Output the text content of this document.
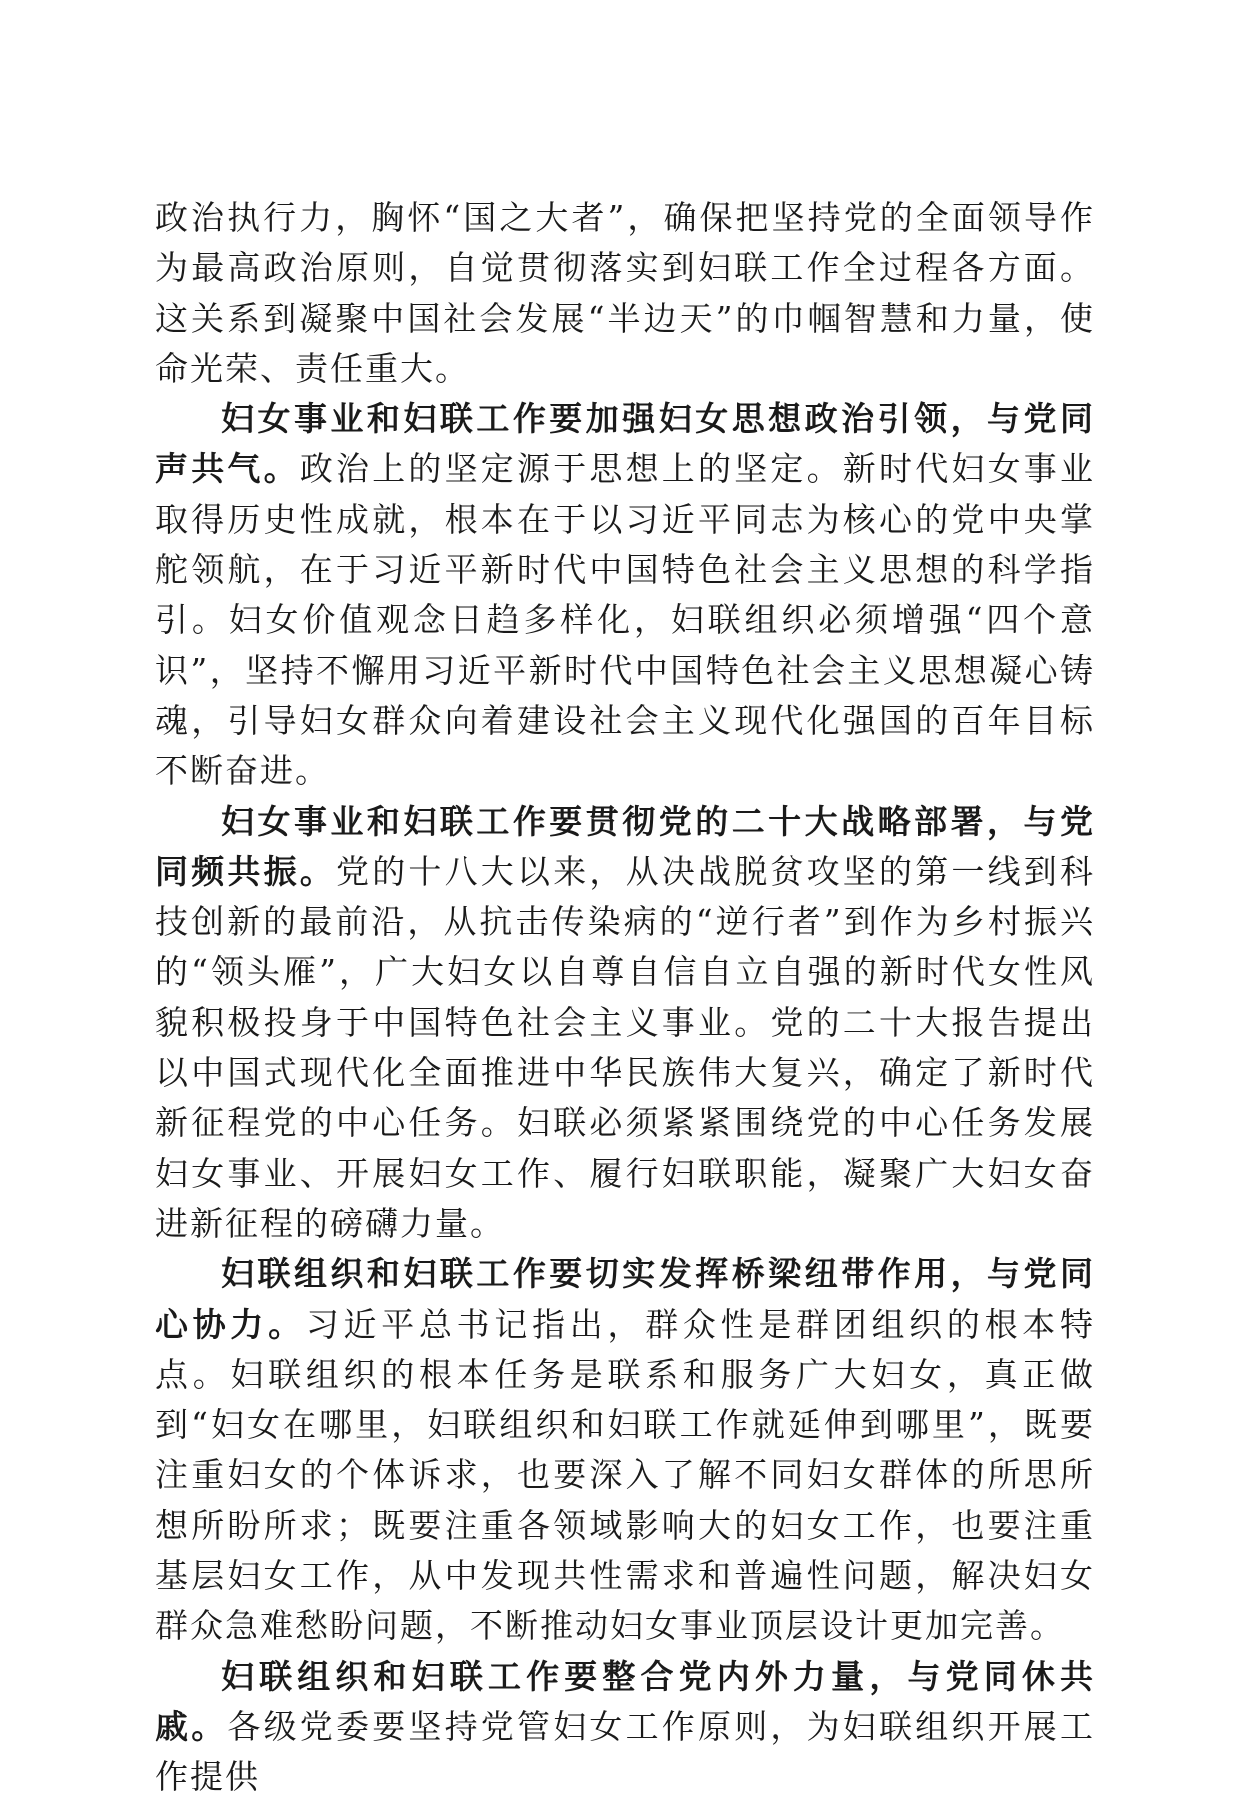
政治执行力，胸怀“国之大者”，确保把坚持党的全面领导作为最高政治原则，自觉贯彻落实到妇联工作全过程各方面。这关系到凝聚中国社会发展“半边天”的巾帼智慧和力量，使命光荣、责任重大。

妇女事业和妇联工作要加强妇女思想政治引领，与党同声共气。政治上的坚定源于思想上的坚定。新时代妇女事业取得历史性成就，根本在于以习近平同志为核心的党中央掌舵领航，在于习近平新时代中国特色社会主义思想的科学指引。妇女价值观念日趋多样化，妇联组织必须增强“四个意识”，坚持不懈用习近平新时代中国特色社会主义思想凝心铸魂，引导妇女群众向着建设社会主义现代化强国的百年目标不断奋进。

妇女事业和妇联工作要贯彻党的二十大战略部署，与党同频共振。党的十八大以来，从决战脱贫攻坚的第一线到科技创新的最前沿，从抗击传染病的“逆行者”到作为乡村振兴的“领头雁”，广大妇女以自尊自信自立自强的新时代女性风貌积极投身于中国特色社会主义事业。党的二十大报告提出以中国式现代化全面推进中华民族伟大复兴，确定了新时代新征程党的中心任务。妇联必须紧紧围绕党的中心任务发展妇女事业、开展妇女工作、履行妇联职能，凝聚广大妇女奋进新征程的磅礴力量。

妇联组织和妇联工作要切实发挥桥梁纽带作用，与党同心协力。习近平总书记指出，群众性是群团组织的根本特点。妇联组织的根本任务是联系和服务广大妇女，真正做到“妇女在哪里，妇联组织和妇联工作就延伸到哪里”，既要注重妇女的个体诉求，也要深入了解不同妇女群体的所思所想所盼所求；既要注重各领域影响大的妇女工作，也要注重基层妇女工作，从中发现共性需求和普遍性问题，解决妇女群众急难愁盼问题，不断推动妇女事业顶层设计更加完善。

妇联组织和妇联工作要整合党内外力量，与党同休共戚。各级党委要坚持党管妇女工作原则，为妇联组织开展工作提供
